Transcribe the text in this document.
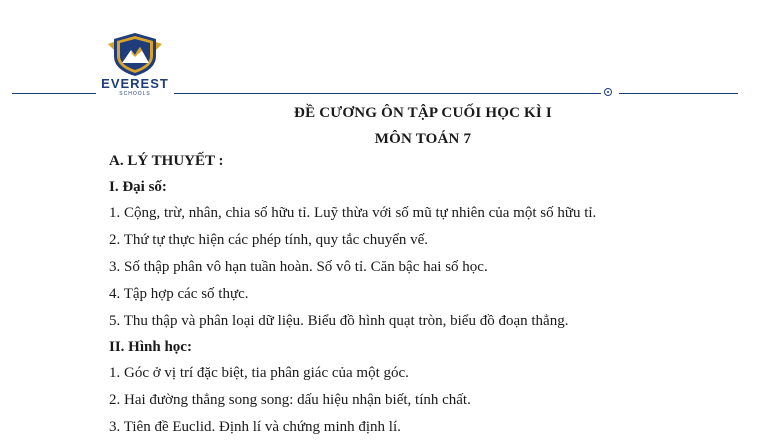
EVEREST
SCHOOLS
ĐỀ CƯƠNG ÔN TẬP CUỐI HỌC KÌ I
MÔN TOÁN 7
A. LÝ THUYẾT :
I. Đại số:
1. Cộng, trừ, nhân, chia số hữu tỉ. Luỹ thừa với số mũ tự nhiên của một số hữu tỉ.
2. Thứ tự thực hiện các phép tính, quy tắc chuyển vế.
3. Số thập phân vô hạn tuần hoàn. Số vô tỉ. Căn bậc hai số học.
4. Tập hợp các số thực.
5. Thu thập và phân loại dữ liệu. Biểu đồ hình quạt tròn, biểu đồ đoạn thẳng.
II. Hình học:
1. Góc ở vị trí đặc biệt, tia phân giác của một góc.
2. Hai đường thẳng song song: dấu hiệu nhận biết, tính chất.
3. Tiên đề Euclid. Định lí và chứng minh định lí.
